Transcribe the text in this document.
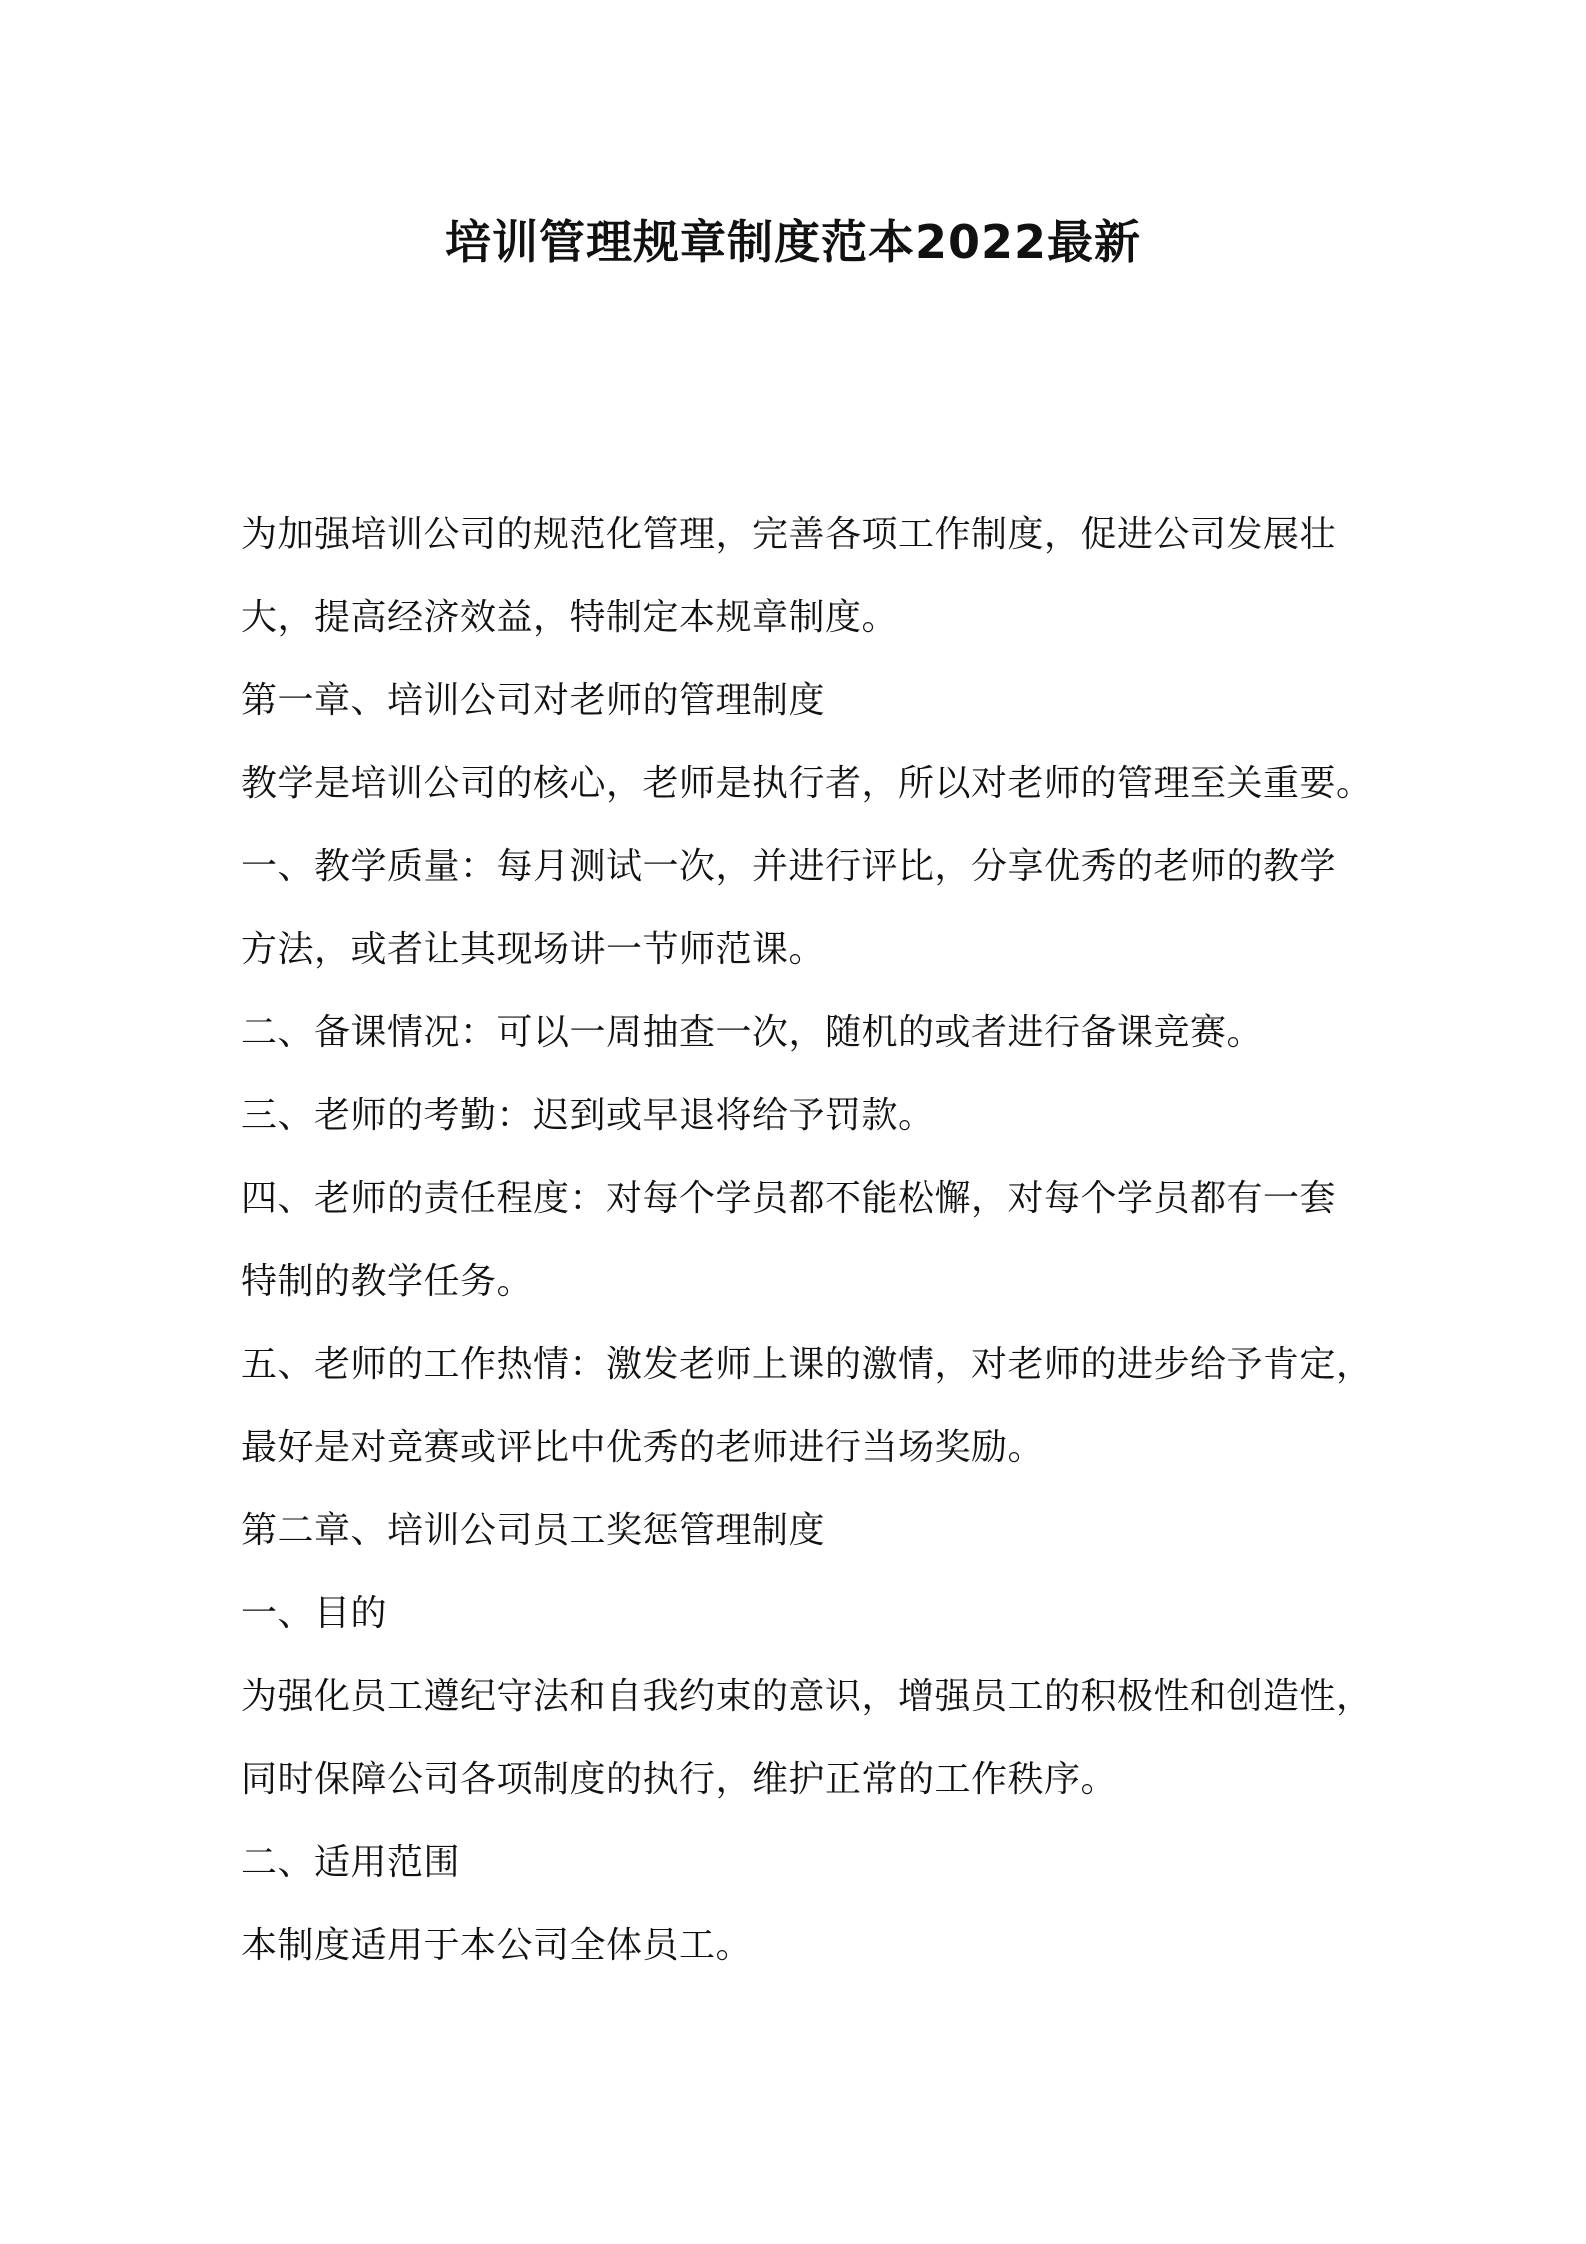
培训管理规章制度范本2022最新

为加强培训公司的规范化管理，完善各项工作制度，促进公司发展壮

大，提高经济效益，特制定本规章制度。

第一章、培训公司对老师的管理制度

教学是培训公司的核心，老师是执行者，所以对老师的管理至关重要。

一、教学质量：每月测试一次，并进行评比，分享优秀的老师的教学

方法，或者让其现场讲一节师范课。

二、备课情况：可以一周抽查一次，随机的或者进行备课竞赛。

三、老师的考勤：迟到或早退将给予罚款。

四、老师的责任程度：对每个学员都不能松懈，对每个学员都有一套

特制的教学任务。

五、老师的工作热情：激发老师上课的激情，对老师的进步给予肯定，

最好是对竞赛或评比中优秀的老师进行当场奖励。

第二章、培训公司员工奖惩管理制度

一、目的

为强化员工遵纪守法和自我约束的意识，增强员工的积极性和创造性，

同时保障公司各项制度的执行，维护正常的工作秩序。

二、适用范围

本制度适用于本公司全体员工。
